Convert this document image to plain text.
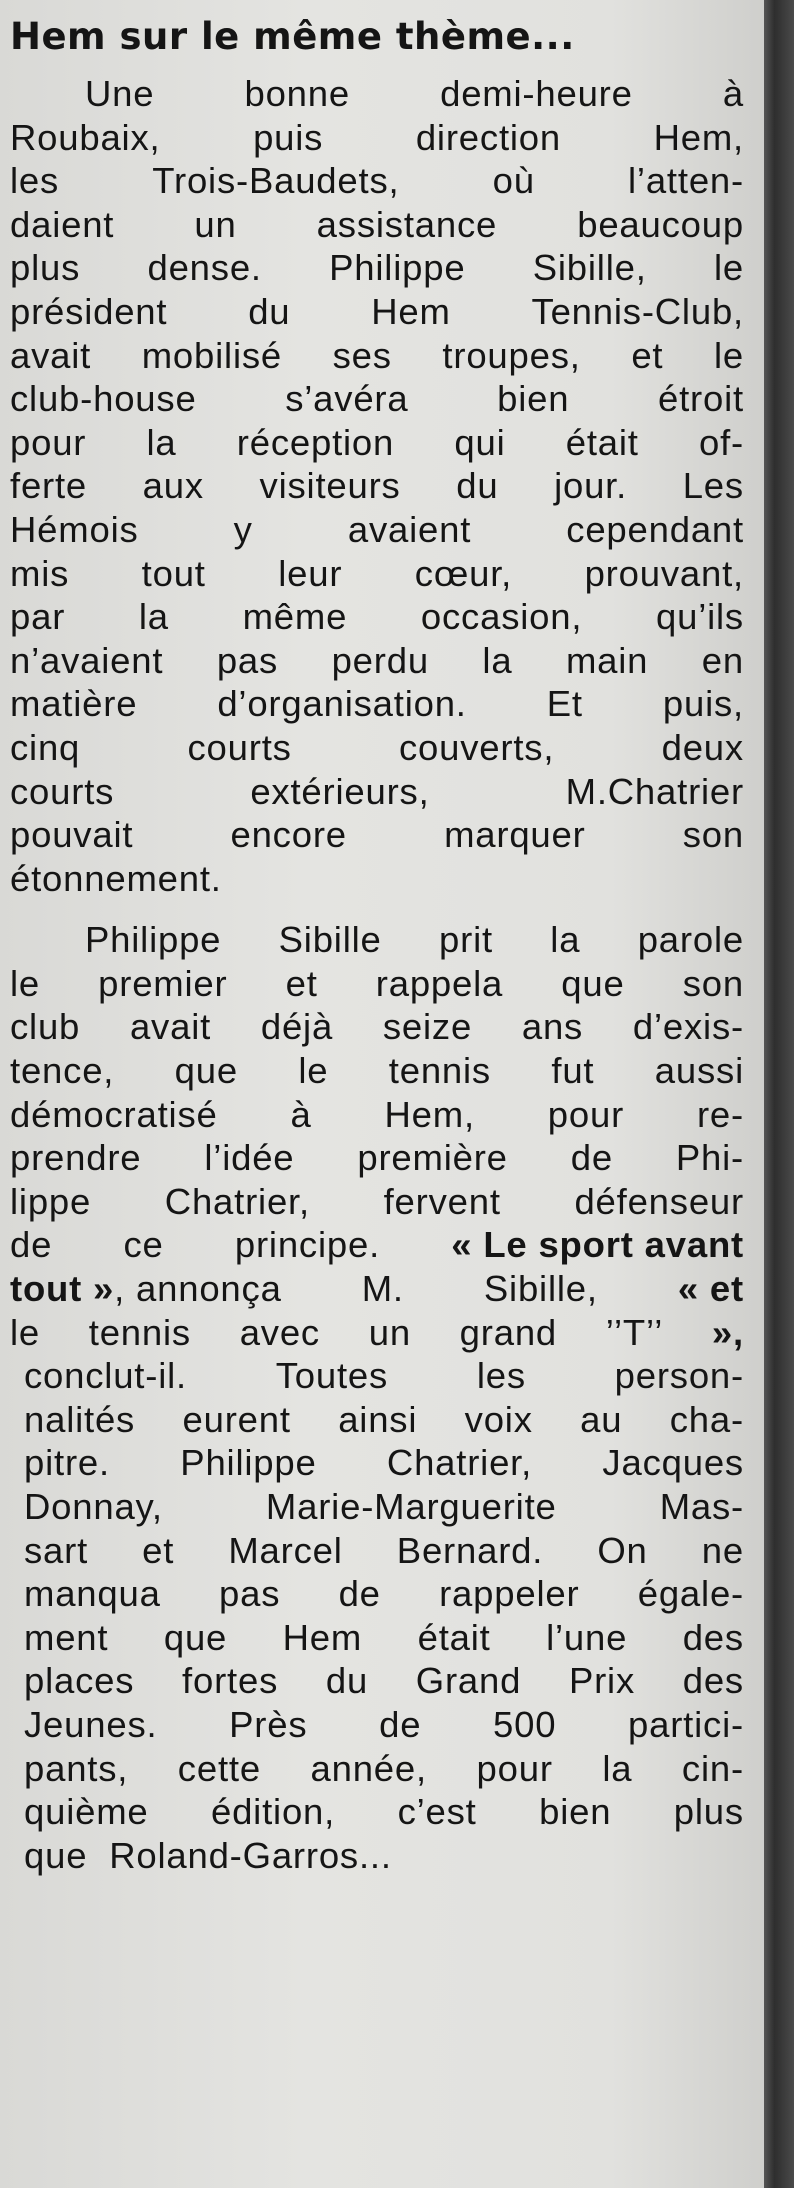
Hem sur le même thème...
Une bonne demi-heure à
Roubaix,	puis	direction	Hem,
les	Trois-Baudets,	où	l’atten-
daient un assistance beaucoup
plus dense. Philippe Sibille, le
président du Hem Tennis-Club,
avait mobilisé ses troupes, et le
club-house s’avéra bien étroit
pour la réception qui était of-
ferte aux visiteurs du jour. Les
Hémois	y	avaient	cependant
mis tout leur cœur, prouvant,
par la même occasion, qu’ils
n’avaient pas perdu la main en
matière d’organisation. Et puis,
cinq	courts	couverts,	deux
courts	extérieurs,	M.Chatrier
pouvait	encore	marquer	son
étonnement.
Philippe Sibille prit la parole
le premier et rappela que son
club avait déjà seize ans d’exis-
tence, que le tennis fut aussi
démocratisé à Hem, pour re-
prendre l’idée première de Phi-
lippe Chatrier, fervent défenseur
de ce principe. « Le sport avant
tout », annonça M. Sibille, « et
le tennis avec un grand ’’T’’ »,
conclut-il. Toutes les person-
nalités eurent ainsi voix au cha-
pitre. Philippe Chatrier, Jacques
Donnay,	Marie-Marguerite	Mas-
sart et Marcel Bernard. On ne
manqua pas de rappeler égale-
ment que Hem était l’une des
places fortes du Grand Prix des
Jeunes. Près de 500 partici-
pants, cette année, pour la cin-
quième édition, c’est bien plus
que
Roland-Garros...
